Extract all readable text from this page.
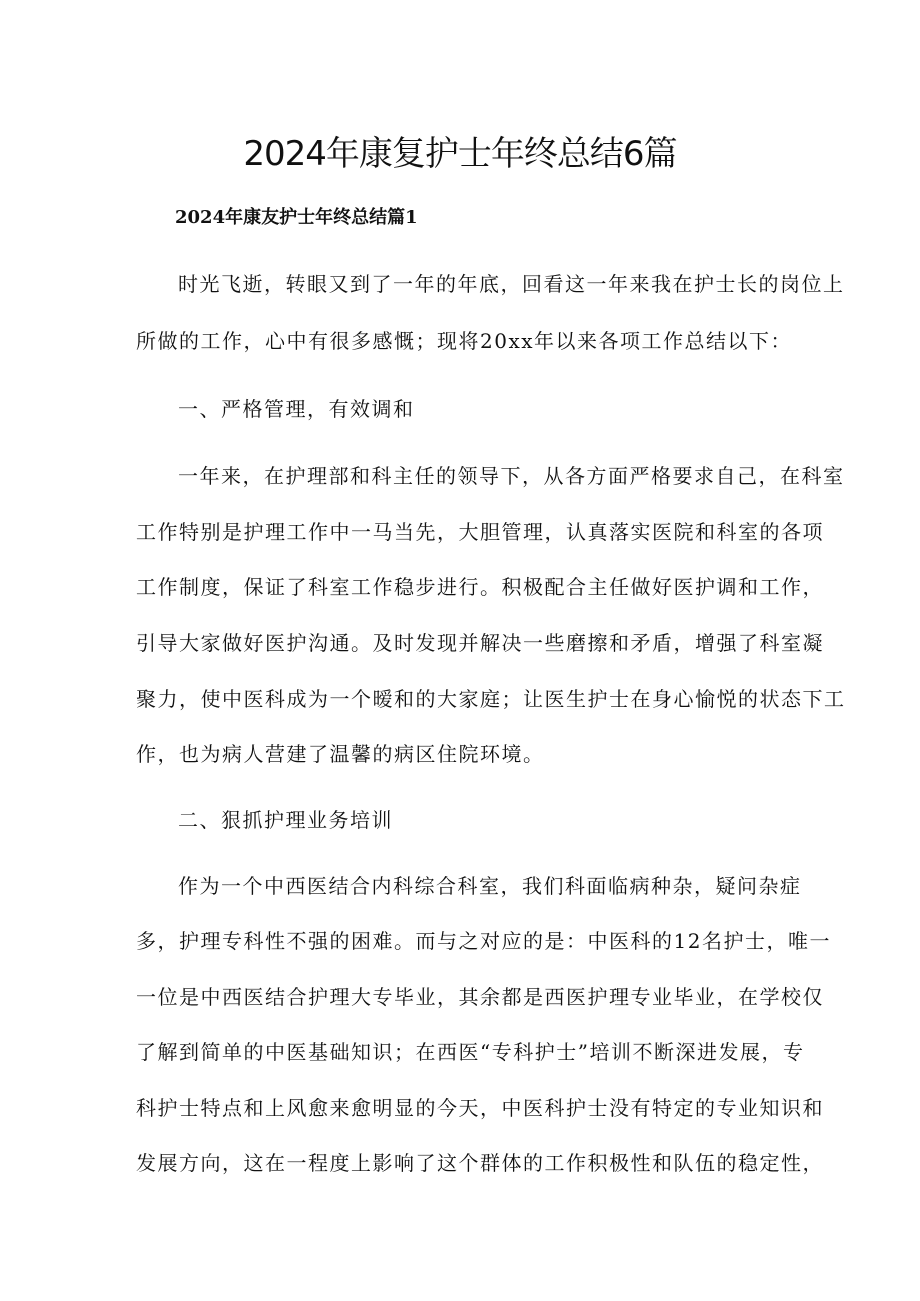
2024年康复护士年终总结6篇
2024年康友护士年终总结篇1
时光飞逝，转眼又到了一年的年底，回看这一年来我在护士长的岗位上
所做的工作，心中有很多感慨；现将20xx年以来各项工作总结以下：
一、严格管理，有效调和
一年来，在护理部和科主任的领导下，从各方面严格要求自己，在科室
工作特别是护理工作中一马当先，大胆管理，认真落实医院和科室的各项
工作制度，保证了科室工作稳步进行。积极配合主任做好医护调和工作，
引导大家做好医护沟通。及时发现并解决一些磨擦和矛盾，增强了科室凝
聚力，使中医科成为一个暧和的大家庭；让医生护士在身心愉悦的状态下工
作，也为病人营建了温馨的病区住院环境。
二、狠抓护理业务培训
作为一个中西医结合内科综合科室，我们科面临病种杂，疑问杂症
多，护理专科性不强的困难。而与之对应的是：中医科的12名护士，唯一
一位是中西医结合护理大专毕业，其余都是西医护理专业毕业，在学校仅
了解到简单的中医基础知识；在西医“专科护士”培训不断深进发展，专
科护士特点和上风愈来愈明显的今天，中医科护士没有特定的专业知识和
发展方向，这在一程度上影响了这个群体的工作积极性和队伍的稳定性，
